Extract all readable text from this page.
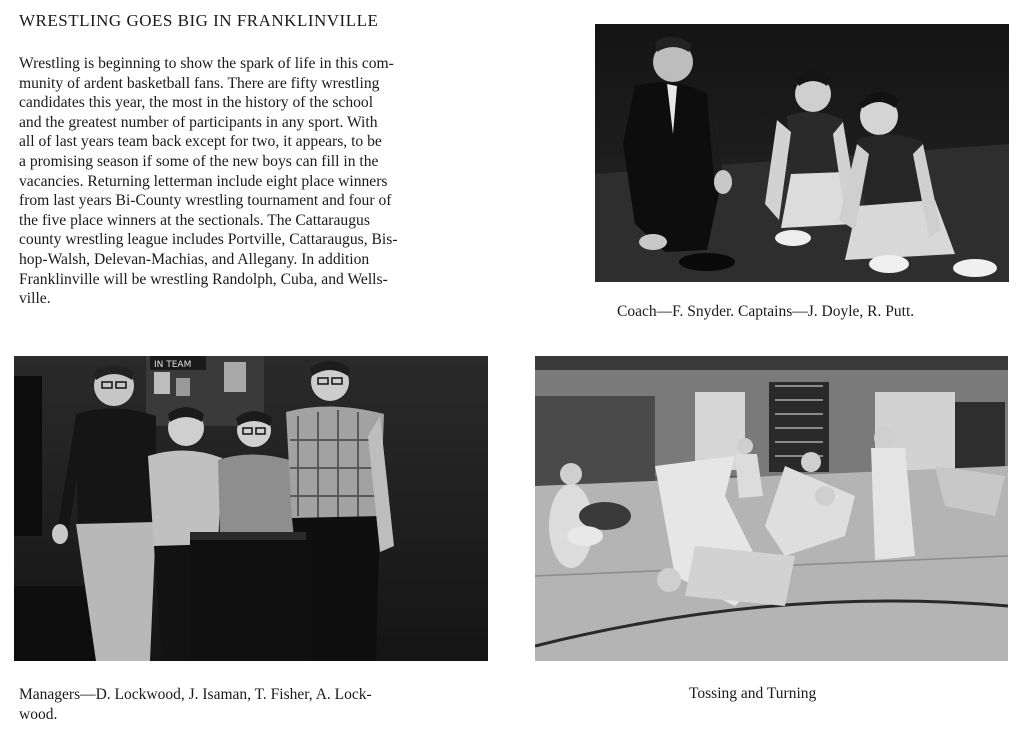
WRESTLING GOES BIG IN FRANKLINVILLE
Wrestling is beginning to show the spark of life in this com-
munity of ardent basketball fans. There are fifty wrestling
candidates this year, the most in the history of the school
and the greatest number of participants in any sport. With
all of last years team back except for two, it appears, to be
a promising season if some of the new boys can fill in the
vacancies. Returning letterman include eight place winners
from last years Bi-County wrestling tournament and four of
the five place winners at the sectionals. The Cattaraugus
county wrestling league includes Portville, Cattaraugus, Bis-
hop-Walsh, Delevan-Machias, and Allegany. In addition
Franklinville will be wrestling Randolph, Cuba, and Wells-
ville.
Coach—F. Snyder. Captains—J. Doyle, R. Putt.
IN TEAM
Managers—D. Lockwood, J. Isaman, T. Fisher, A. Lock-
wood.
Tossing and Turning
